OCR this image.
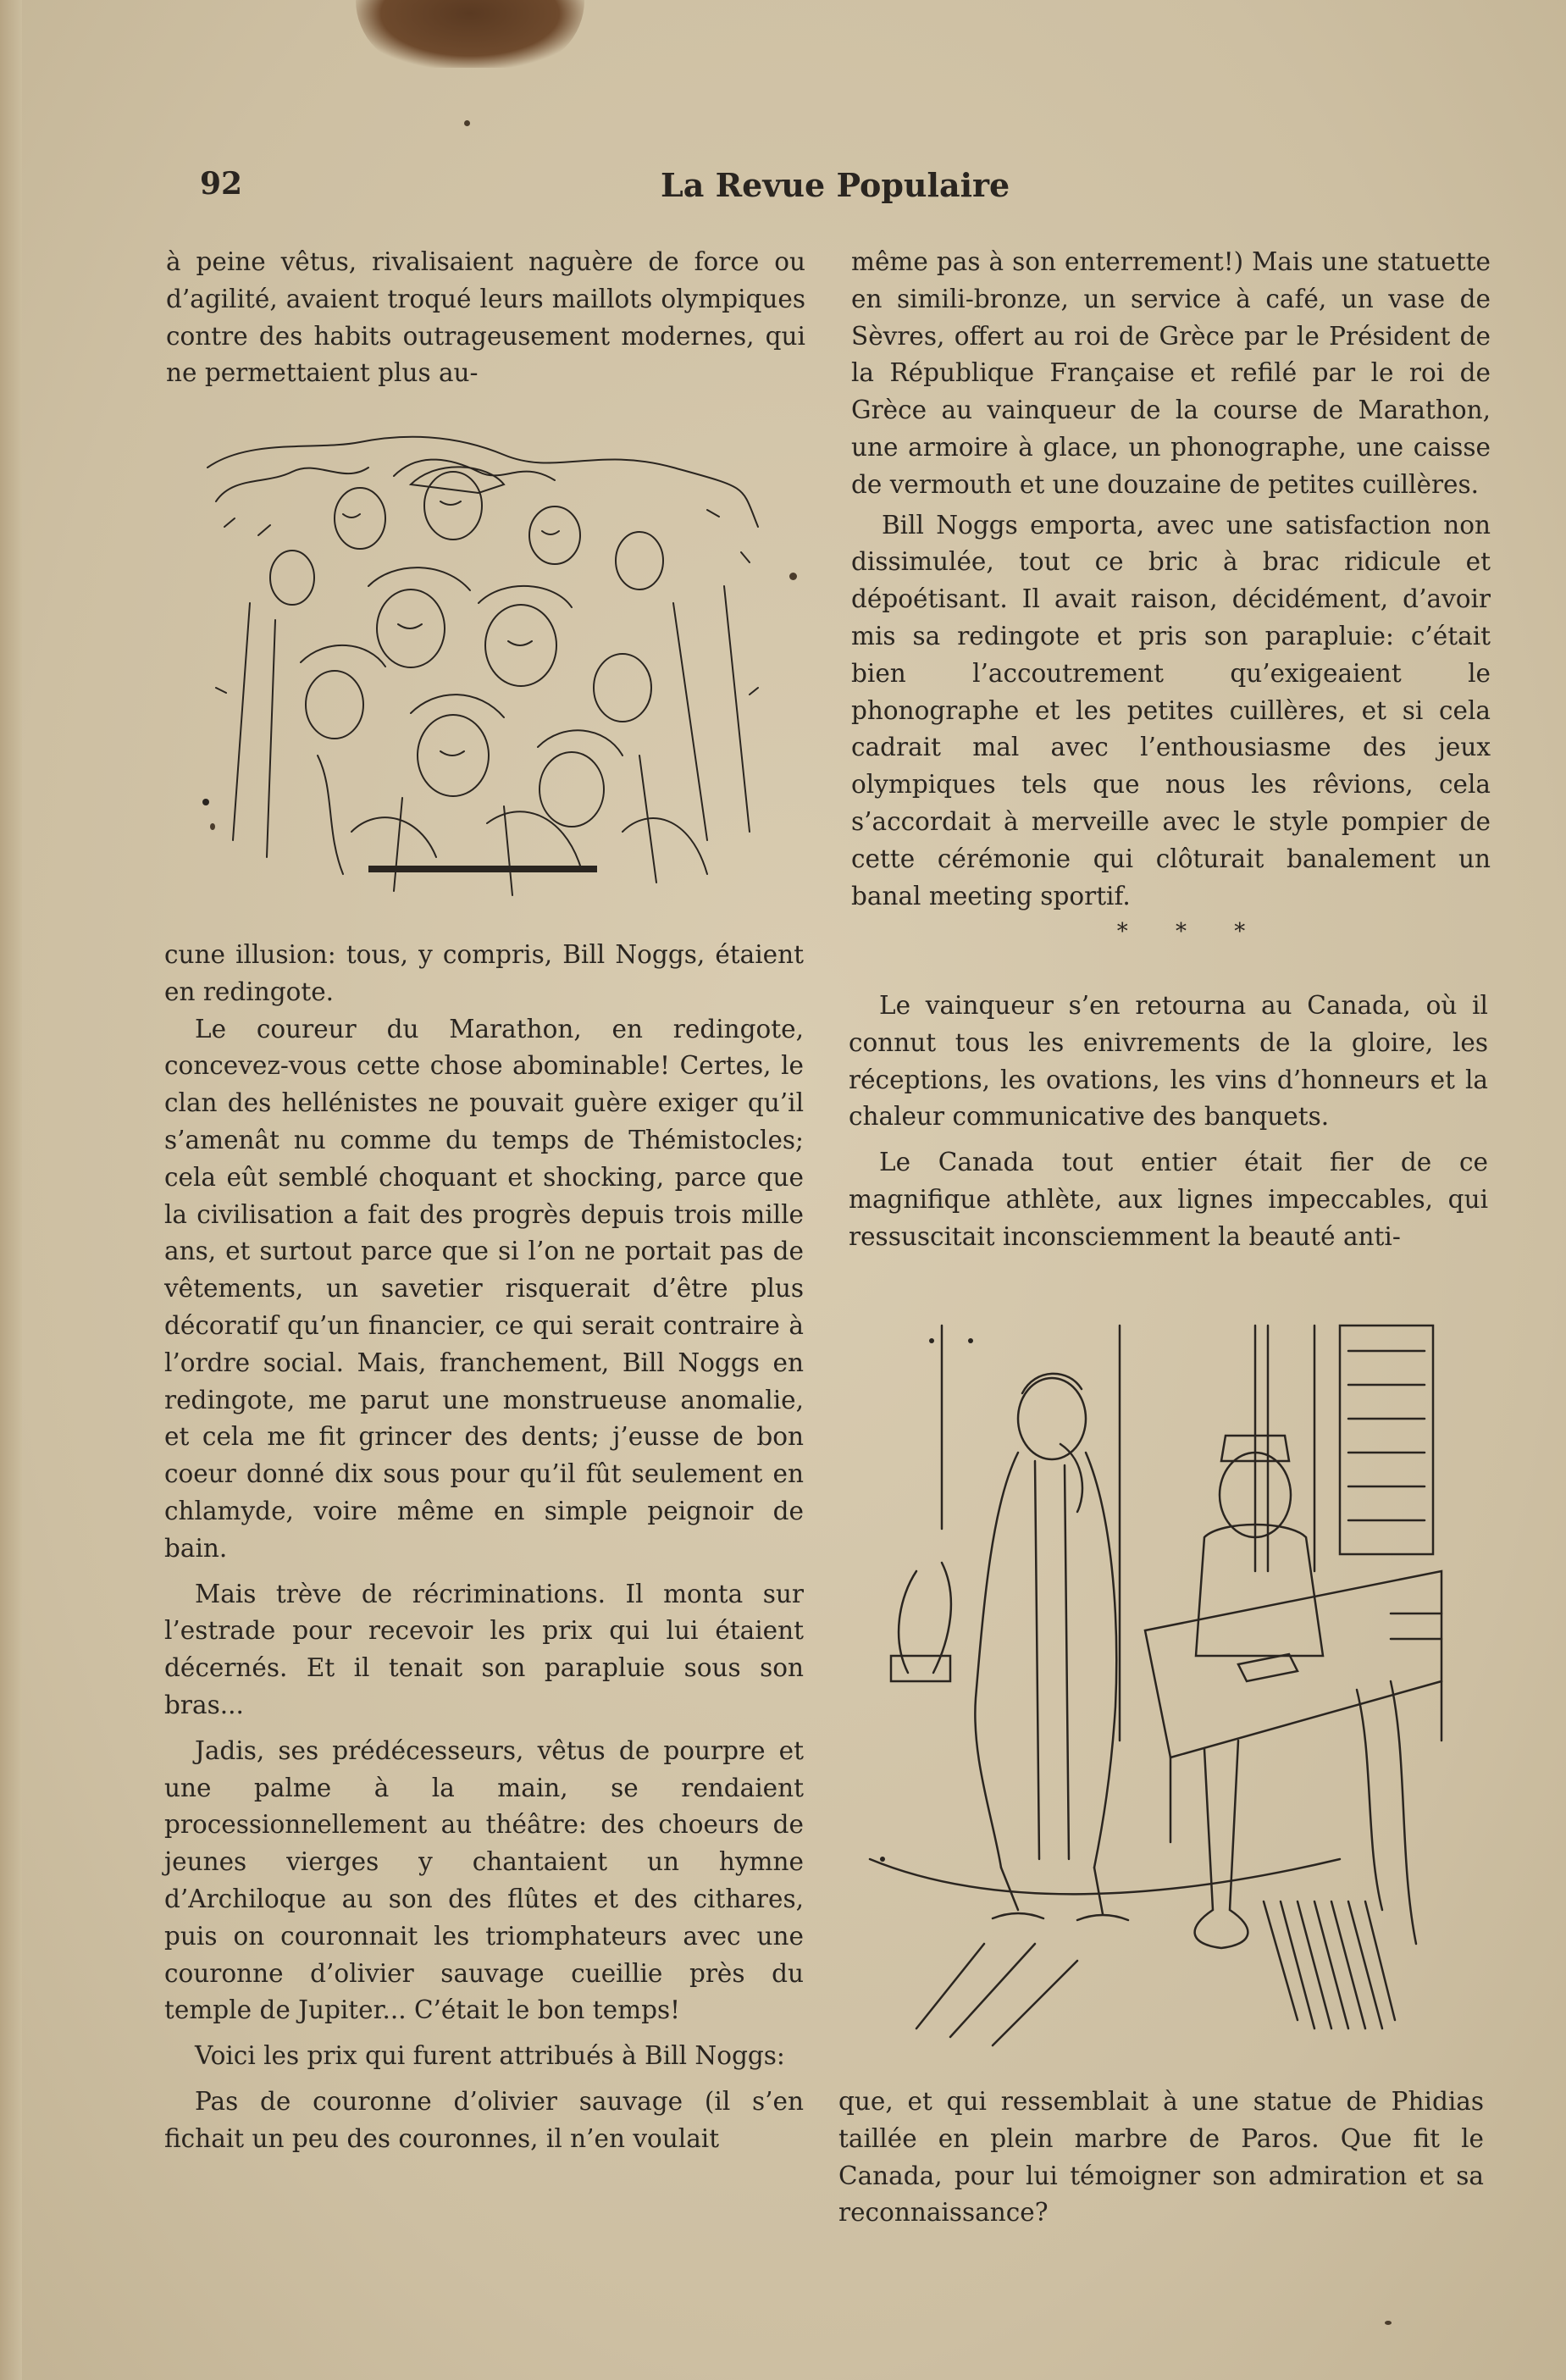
92	La Revue Populaire

à peine vêtus, rivalisaient naguère de force ou d’agilité, avaient troqué leurs maillots olympiques contre des habits outrageusement modernes, qui ne permettaient plus au-

cune illusion: tous, y compris, Bill Noggs, étaient en redingote.

Le coureur du Marathon, en redingote, concevez-vous cette chose abominable! Certes, le clan des hellénistes ne pouvait guère exiger qu’il s’amenât nu comme du temps de Thémistocles; cela eût semblé choquant et shocking, parce que la civilisation a fait des progrès depuis trois mille ans, et surtout parce que si l’on ne portait pas de vêtements, un savetier risquerait d’être plus décoratif qu’un financier, ce qui serait contraire à l’ordre social. Mais, franchement, Bill Noggs en redingote, me parut une monstrueuse anomalie, et cela me fit grincer des dents; j’eusse de bon coeur donné dix sous pour qu’il fût seulement en chlamyde, voire même en simple peignoir de bain.

Mais trève de récriminations. Il monta sur l’estrade pour recevoir les prix qui lui étaient décernés. Et il tenait son parapluie sous son bras...

Jadis, ses prédécesseurs, vêtus de pourpre et une palme à la main, se rendaient processionnellement au théâtre: des choeurs de jeunes vierges y chantaient un hymne d’Archiloque au son des flûtes et des cithares, puis on couronnait les triomphateurs avec une couronne d’olivier sauvage cueillie près du temple de Jupiter... C’était le bon temps!

Voici les prix qui furent attribués à Bill Noggs:

Pas de couronne d’olivier sauvage (il s’en fichait un peu des couronnes, il n’en voulait

même pas à son enterrement!) Mais une statuette en simili-bronze, un service à café, un vase de Sèvres, offert au roi de Grèce par le Président de la République Française et refilé par le roi de Grèce au vainqueur de la course de Marathon, une armoire à glace, un phonographe, une caisse de vermouth et une douzaine de petites cuillères.

Bill Noggs emporta, avec une satisfaction non dissimulée, tout ce bric à brac ridicule et dépoétisant. Il avait raison, décidément, d’avoir mis sa redingote et pris son parapluie: c’était bien l’accoutrement qu’exigeaient le phonographe et les petites cuillères, et si cela cadrait mal avec l’enthousiasme des jeux olympiques tels que nous les rêvions, cela s’accordait à merveille avec le style pompier de cette cérémonie qui clôturait banalement un banal meeting sportif.

* * *

Le vainqueur s’en retourna au Canada, où il connut tous les enivrements de la gloire, les réceptions, les ovations, les vins d’honneurs et la chaleur communicative des banquets.

Le Canada tout entier était fier de ce magnifique athlète, aux lignes impeccables, qui ressuscitait inconsciemment la beauté anti-

que, et qui ressemblait à une statue de Phidias taillée en plein marbre de Paros. Que fit le Canada, pour lui témoigner son admiration et sa reconnaissance?
